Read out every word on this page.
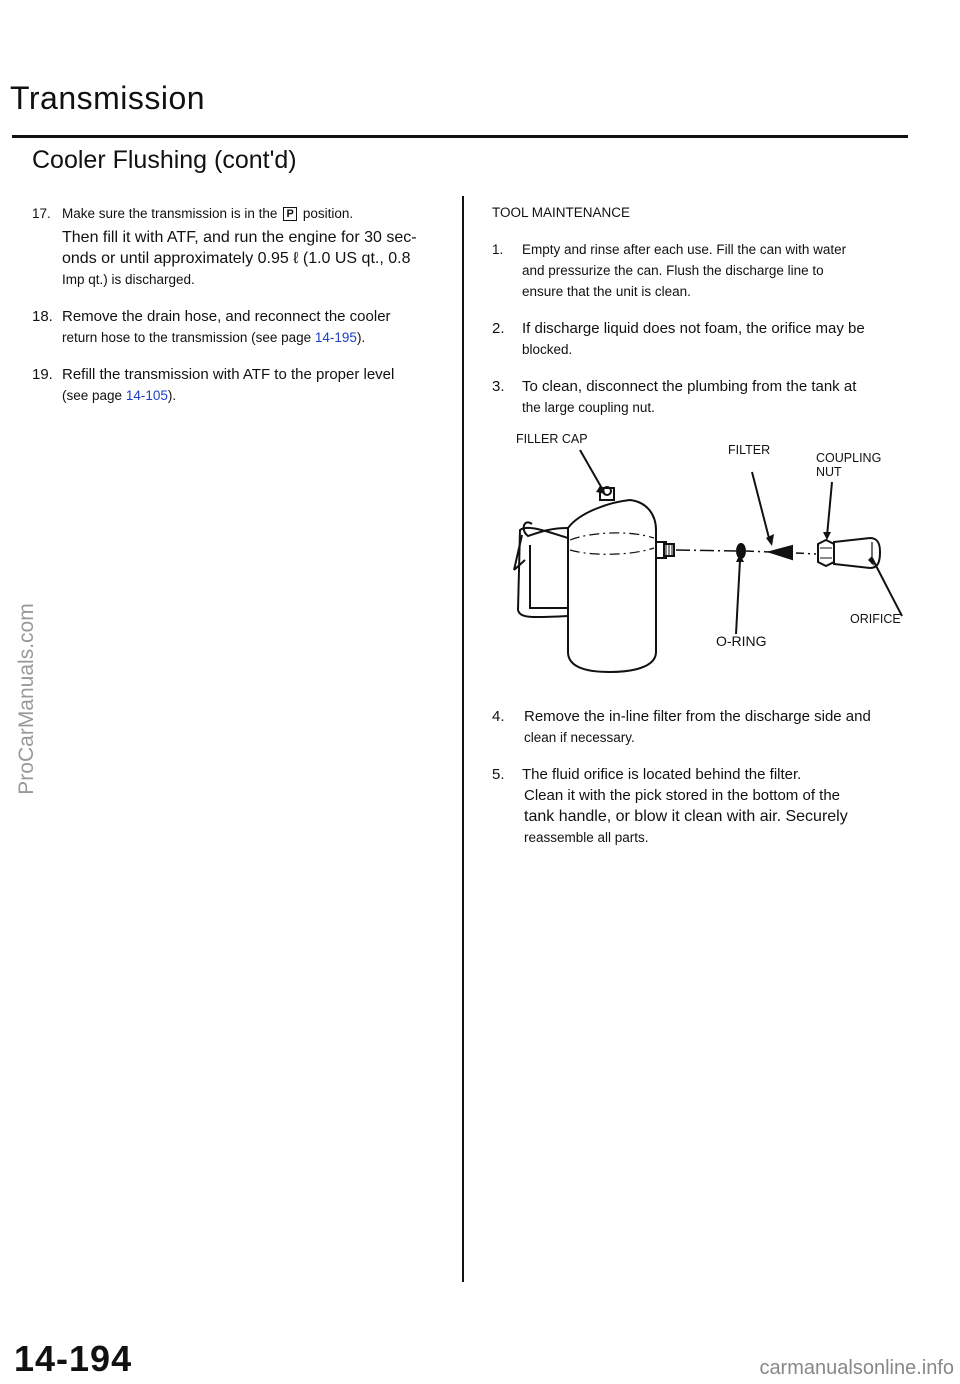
Transmission
Cooler Flushing (cont'd)

17. Make sure the transmission is in the P position.

Then fill it with ATF, and run the engine for 30 sec-

onds or until approximately 0.95 ℓ (1.0 US qt., 0.8

Imp qt.) is discharged.

18. Remove the drain hose, and reconnect the cooler

return hose to the transmission (see page 14-195).

19. Refill the transmission with ATF to the proper level

(see page 14-105).

TOOL MAINTENANCE

1. Empty and rinse after each use. Fill the can with water

and pressurize the can. Flush the discharge line to

ensure that the unit is clean.

2. If discharge liquid does not foam, the orifice may be

blocked.

3. To clean, disconnect the plumbing from the tank at

the large coupling nut.

FILLER CAP
FILTER
COUPLING NUT
ORIFICE
O-RING

4. Remove the in-line filter from the discharge side and

clean if necessary.

5. The fluid orifice is located behind the filter.

Clean it with the pick stored in the bottom of the

tank handle, or blow it clean with air. Securely

reassemble all parts.

14-194
ProCarManuals.com
carmanualsonline.info
